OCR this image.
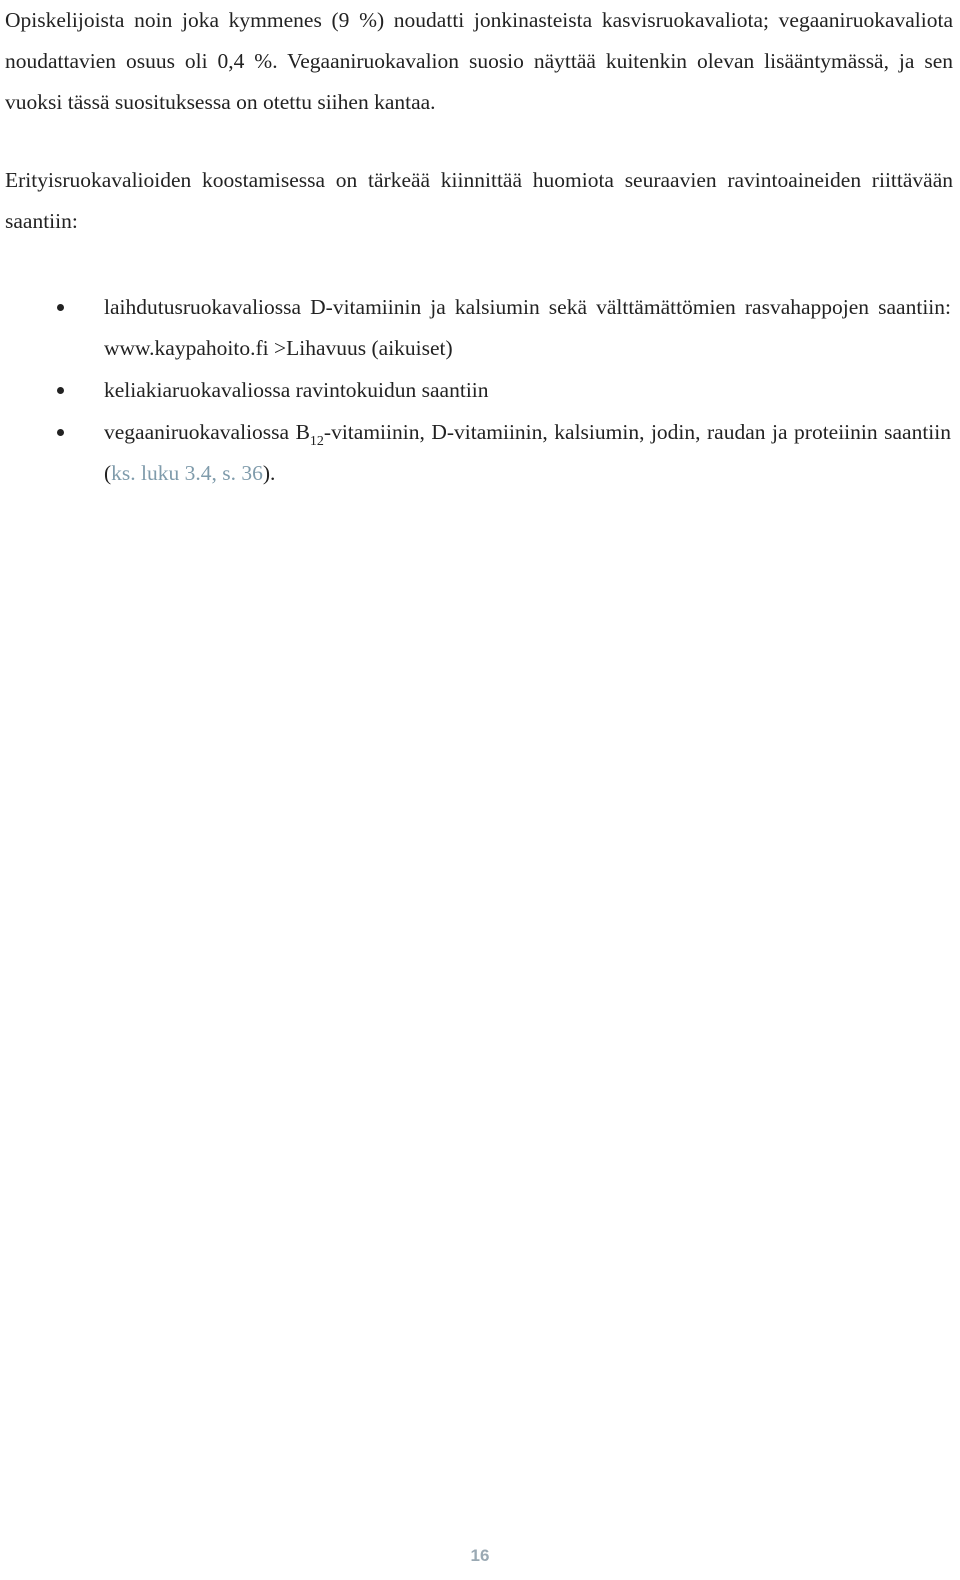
Opiskelijoista noin joka kymmenes (9 %) noudatti jonkinasteista kasvisruokavaliota; vegaaniruokavaliota noudattavien osuus oli 0,4 %. Vegaaniruokavalion suosio näyttää kuitenkin olevan lisääntymässä, ja sen vuoksi tässä suosituksessa on otettu siihen kantaa.

Erityisruokavalioiden koostamisessa on tärkeää kiinnittää huomiota seuraavien ravintoaineiden riittävään saantiin:

laihdutusruokavaliossa D-vitamiinin ja kalsiumin sekä välttämättömien rasvahappojen saantiin: www.kaypahoito.fi >Lihavuus (aikuiset)
keliakiaruokavaliossa ravintokuidun saantiin
vegaaniruokavaliossa $B_{12}$-vitamiinin, D-vitamiinin, kalsiumin, jodin, raudan ja proteiinin saantiin (ks. luku 3.4, s. 36).
16
